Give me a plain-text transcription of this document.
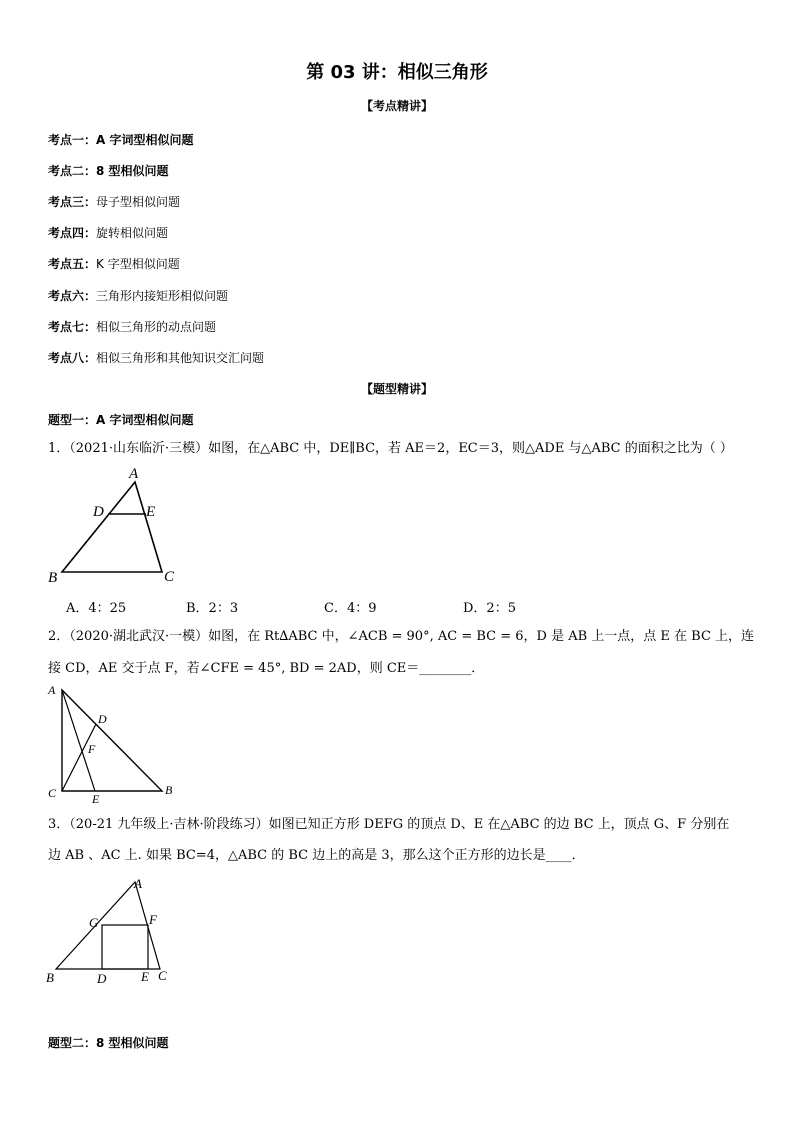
第 03 讲：相似三角形
【考点精讲】
考点一：A 字词型相似问题
考点二：8 型相似问题
考点三：母子型相似问题
考点四：旋转相似问题
考点五：K 字型相似问题
考点六：三角形内接矩形相似问题
考点七：相似三角形的动点问题
考点八：相似三角形和其他知识交汇问题
【题型精讲】
题型一：A 字词型相似问题
1．（2021·山东临沂·三模）如图，在△ABC 中，DE∥BC，若 AE＝2，EC＝3，则△ADE 与△ABC 的面积之比为（ ）
A
D	E
B	C
A．4：25	B．2：3	C．4：9	D．2：5
2．（2020·湖北武汉·一模）如图，在 Rt∆ABC 中，∠ACB = 90°, AC = BC = 6，D 是 AB 上一点，点 E 在 BC 上，连
接 CD，AE 交于点 F，若∠CFE = 45°, BD = 2AD，则 CE＝________．
A
D
F
C	E
B
3．（20-21 九年级上·吉林·阶段练习）如图已知正方形 DEFG 的顶点 D、E 在△ABC 的边 BC 上，顶点 G、F 分别在
边 AB 、AC 上. 如果 BC=4，△ABC 的 BC 边上的高是 3，那么这个正方形的边长是____．
A
G	F
B	D	E C
题型二：8 型相似问题
